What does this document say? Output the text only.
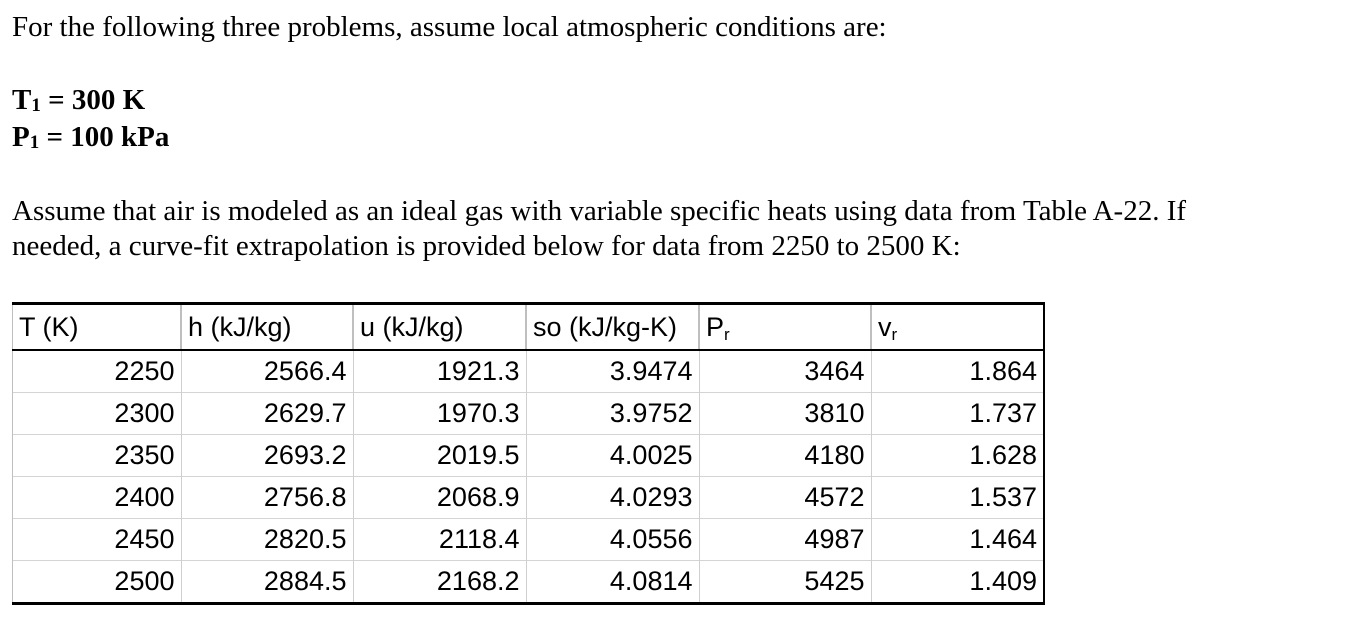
For the following three problems, assume local atmospheric conditions are:
$T_1 = 300$ K
$P_1 = 100$ kPa
Assume that air is modeled as an ideal gas with variable specific heats using data from Table A-22. If
needed, a curve-fit extrapolation is provided below for data from 2250 to 2500 K:
T (K)	h (kJ/kg)	u (kJ/kg)	so (kJ/kg-K)	$P_r$	$v_r$
2250	2566.4	1921.3	3.9474	3464	1.864
2300	2629.7	1970.3	3.9752	3810	1.737
2350	2693.2	2019.5	4.0025	4180	1.628
2400	2756.8	2068.9	4.0293	4572	1.537
2450	2820.5	2118.4	4.0556	4987	1.464
2500	2884.5	2168.2	4.0814	5425	1.409
